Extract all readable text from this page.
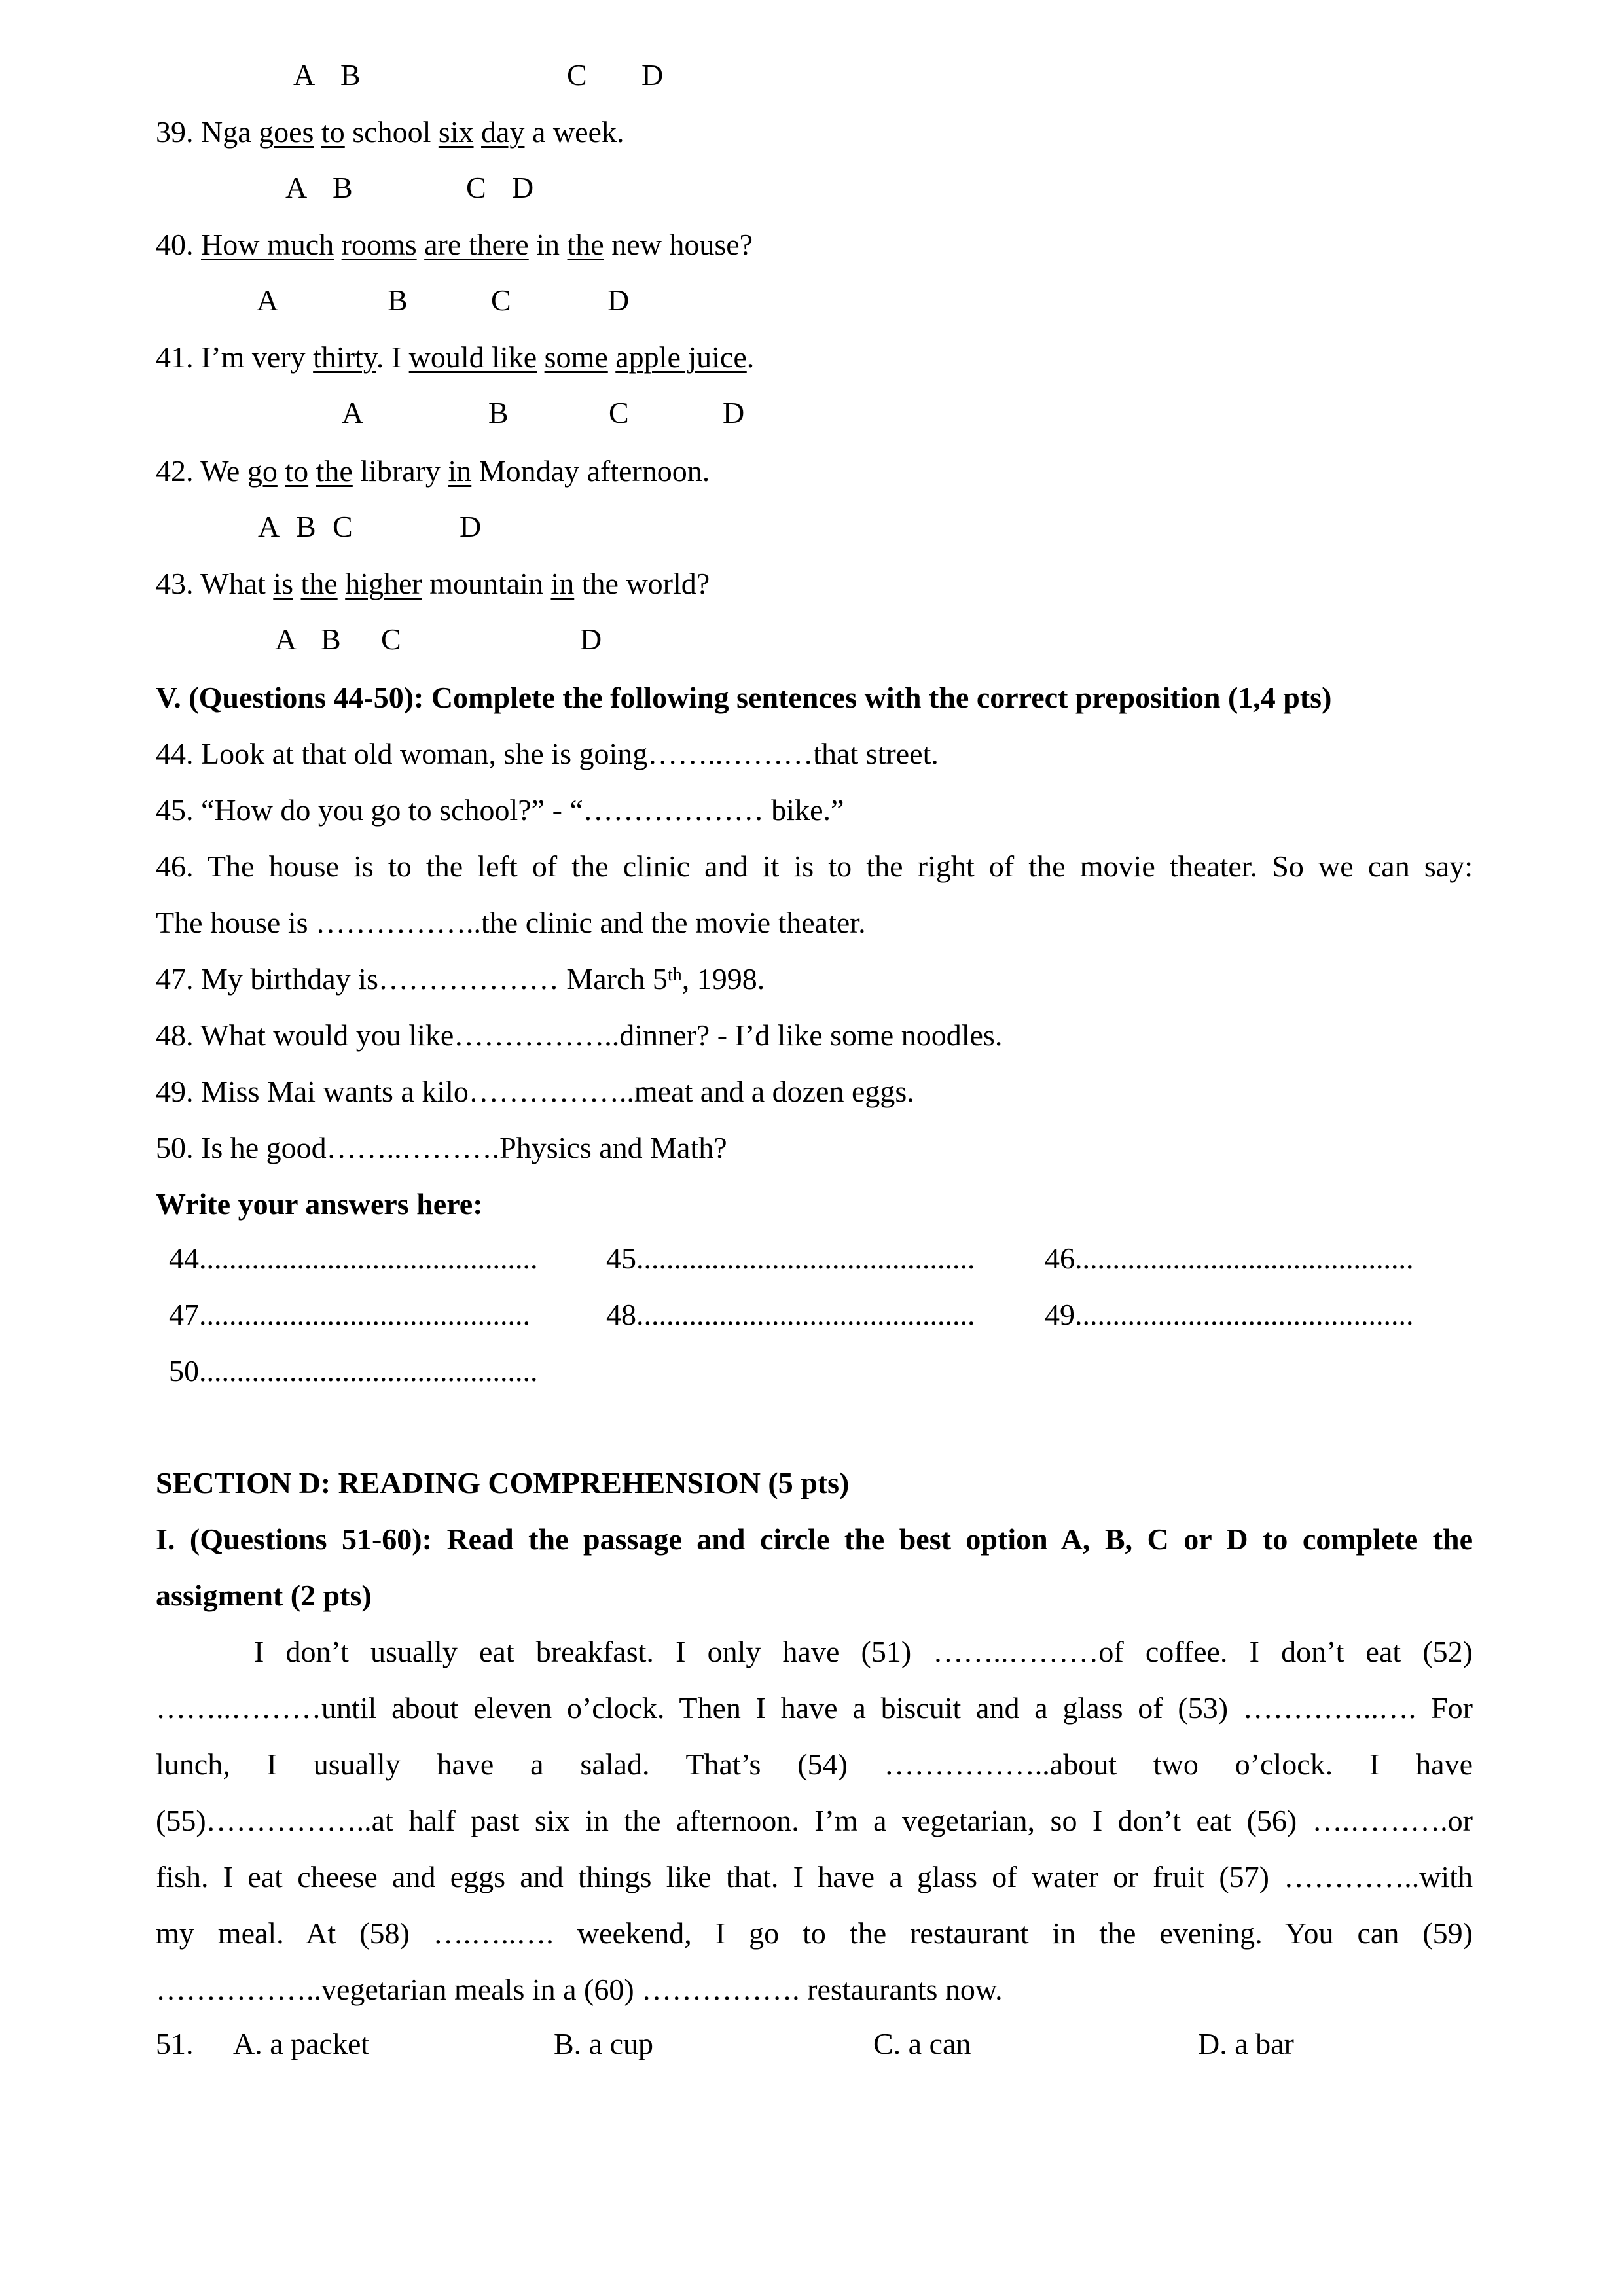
A B	C D
39. Nga goes to school six day a week.
A B	C D
40. How much rooms are there in the new house?
A	B	C	D
41. I’m very thirty. I would like some apple juice.
A	B	C	D
42. We go to the library in Monday afternoon.
A B C	D
43. What is the higher mountain in the world?
A B C	D
V. (Questions 44-50): Complete the following sentences with the correct preposition (1,4 pts)
44. Look at that old woman, she is going……..………that street.
45. “How do you go to school?” - “……………… bike.”
46. The house is to the left of the clinic and it is to the right of the movie theater. So we can say:
The house is ……………..the clinic and the movie theater.
47. My birthday is……………… March 5th, 1998.
48. What would you like……………..dinner? - I’d like some noodles.
49. Miss Mai wants a kilo……………..meat and a dozen eggs.
50. Is he good……..……….Physics and Math?
Write your answers here:
44............................................. 45............................................. 46.............................................
47............................................	48............................................. 49.............................................
50.............................................
SECTION D: READING COMPREHENSION (5 pts)
I. (Questions 51-60): Read the passage and circle the best option A, B, C or D to complete the
assigment (2 pts)
I don’t usually eat breakfast. I only have (51) ……..………of coffee. I don’t eat (52)
……..………until about eleven o’clock. Then I have a biscuit and a glass of (53) …………..…. For
lunch, I usually have a salad. That’s (54) ……………..about two o’clock. I have
(55)……………..at half past six in the afternoon. I’m a vegetarian, so I don’t eat (56) ….……….or
fish. I eat cheese and eggs and things like that. I have a glass of water or fruit (57) …………..with
my meal. At (58) ….…..…. weekend, I go to the restaurant in the evening. You can (59)
……………..vegetarian meals in a (60) ……………. restaurants now.
51. A. a packet	B. a cup	C. a can	D. a bar
